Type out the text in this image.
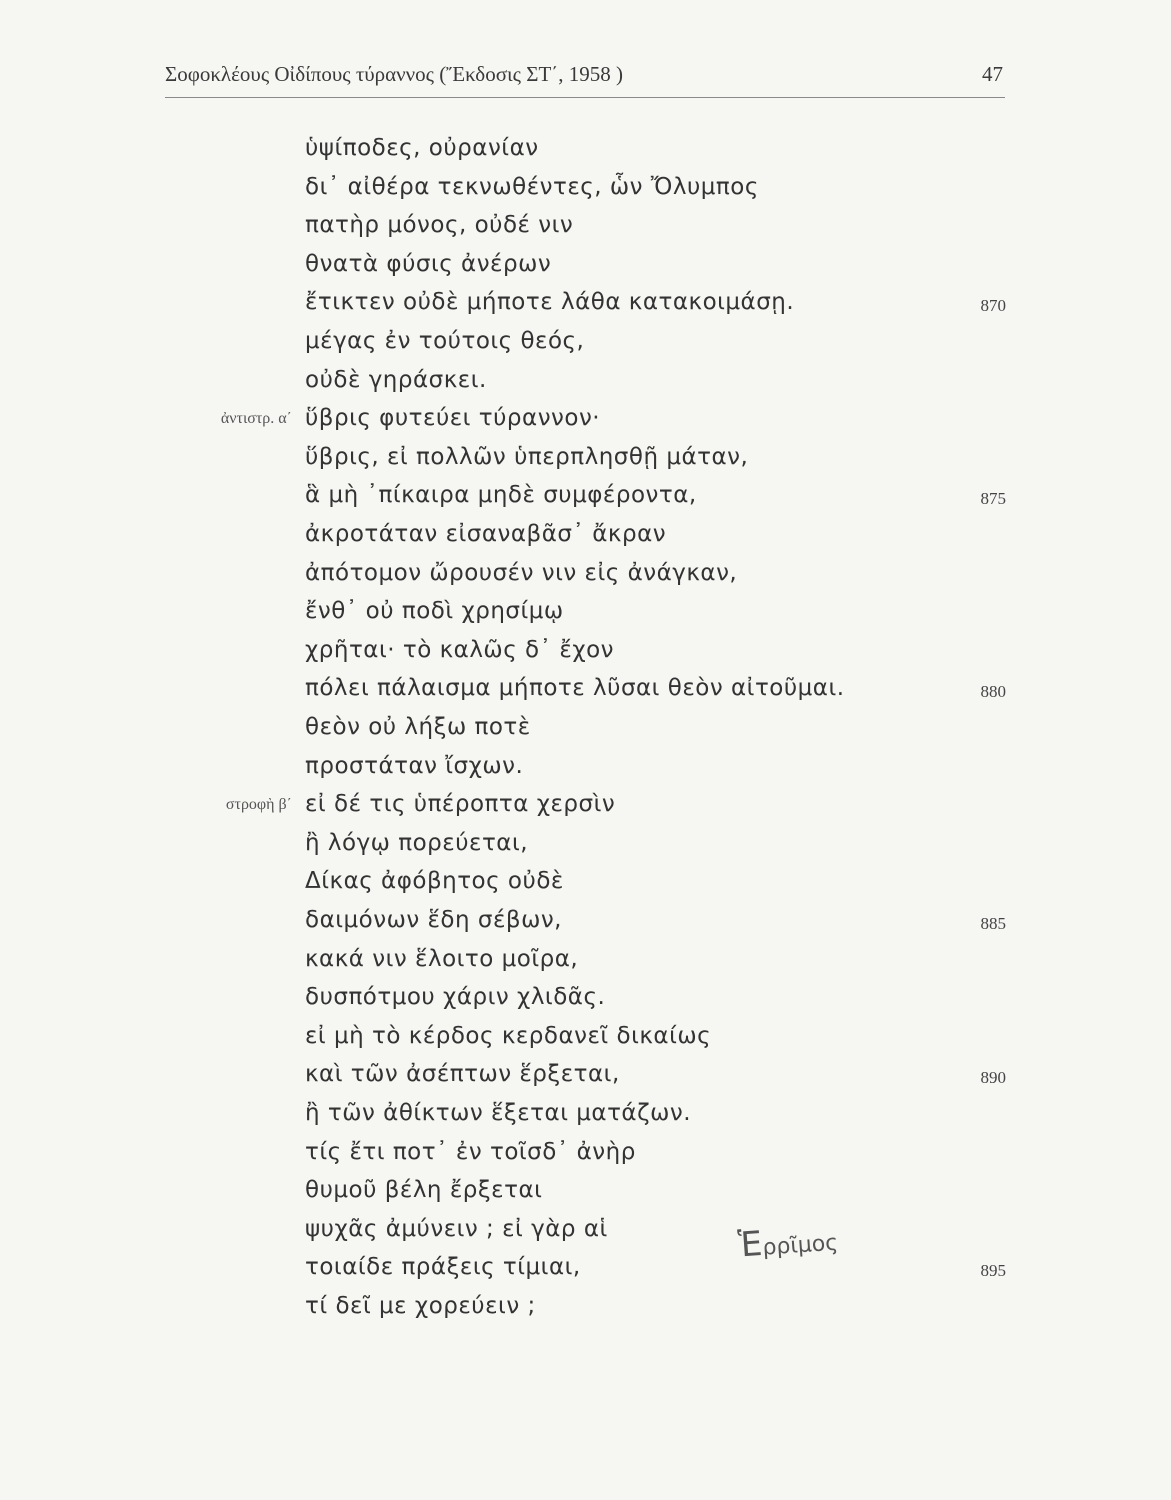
Σοφοκλέους Οἰδίπους τύραννος (Ἔκδοσις ΣΤ΄, 1958 )	47
ὑψίποδες, οὐρανίαν
δι᾽ αἰθέρα τεκνωθέντες, ὧν Ὄλυμπος
πατὴρ μόνος, οὐδέ νιν
θνατὰ φύσις ἀνέρων
ἔτικτεν οὐδὲ μήποτε λάθα κατακοιμάσῃ.	870
μέγας ἐν τούτοις θεός,
οὐδὲ γηράσκει.
ἀντιστρ. α΄ ὕβρις φυτεύει τύραννον·
ὕβρις, εἰ πολλῶν ὑπερπλησθῇ μάταν,
ἃ μὴ ᾽πίκαιρα μηδὲ συμφέροντα,	875
ἀκροτάταν εἰσαναβᾶσ᾽ ἄκραν
ἀπότομον ὤρουσέν νιν εἰς ἀνάγκαν,
ἔνθ᾽ οὐ ποδὶ χρησίμῳ
χρῆται· τὸ καλῶς δ᾽ ἔχον
πόλει πάλαισμα μήποτε λῦσαι θεὸν αἰτοῦμαι.	880
θεὸν οὐ λήξω ποτὲ
προστάταν ἴσχων.
στροφὴ β΄ εἰ δέ τις ὑπέροπτα χερσὶν
ἢ λόγῳ πορεύεται,
Δίκας ἀφόβητος οὐδὲ
δαιμόνων ἕδη σέβων,	885
κακά νιν ἕλοιτο μοῖρα,
δυσπότμου χάριν χλιδᾶς.
εἰ μὴ τὸ κέρδος κερδανεῖ δικαίως
καὶ τῶν ἀσέπτων ἕρξεται,	890
ἢ τῶν ἀθίκτων ἕξεται ματάζων.
τίς ἔτι ποτ᾽ ἐν τοῖσδ᾽ ἀνὴρ
θυμοῦ βέλη ἔρξεται
ψυχᾶς ἀμύνειν ; εἰ γὰρ αἱ
τοιαίδε πράξεις τίμιαι,	895
τί δεῖ με χορεύειν ;
Ἑρρῖμος
